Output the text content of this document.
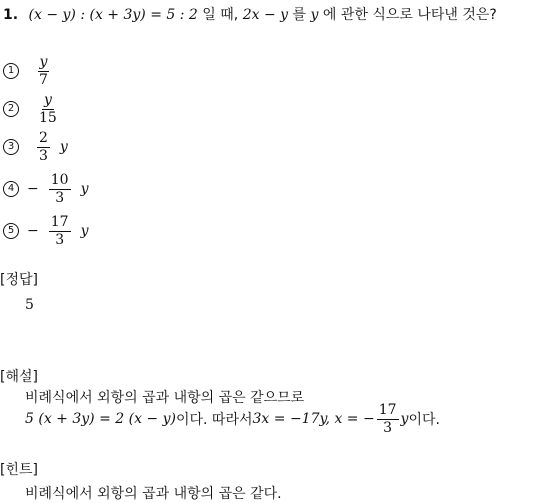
1. (x − y) : (x + 3y) = 5 : 2 일 때, 2x − y 를 y 에 관한 식으로 나타낸 것은?
1	$\frac{y}{7}$
2	$\frac{y}{15}$
3	$\frac{2}{3}$ y
$4 - \frac{10}{3}$ y
$5 - \frac{17}{3}$ y
[정답]
5
[해설]
비례식에서 외항의 곱과 내항의 곱은 같으므로
5 (x + 3y) = 2 (x − y) 이다. 따라서 3x = −17y, x = − $\frac{17}{3}$ y 이다.
[힌트]
비례식에서 외항의 곱과 내항의 곱은 같다.
